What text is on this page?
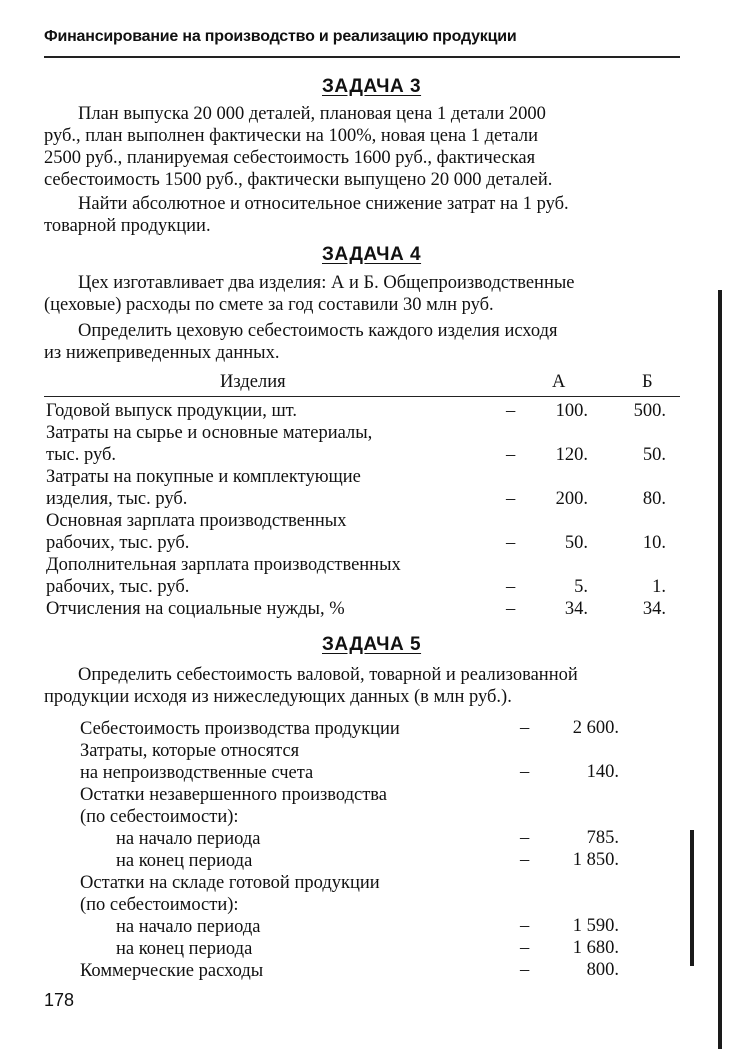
Финансирование на производство и реализацию продукции
ЗАДАЧА 3
План выпуска 20 000 деталей, плановая цена 1 детали 2000
руб., план выполнен фактически на 100%, новая цена 1 детали
2500 руб., планируемая себестоимость 1600 руб., фактическая
себестоимость 1500 руб., фактически выпущено 20 000 деталей.
Найти абсолютное и относительное снижение затрат на 1 руб.
товарной продукции.
ЗАДАЧА 4
Цех изготавливает два изделия: А и Б. Общепроизводственные
(цеховые) расходы по смете за год составили 30 млн руб.
Определить цеховую себестоимость каждого изделия исходя
из нижеприведенных данных.
Изделия	А	Б
Годовой выпуск продукции, шт.	– 100. 500.
Затраты на сырье и основные материалы,
тыс. руб.	– 120.	50.
Затраты на покупные и комплектующие
изделия, тыс. руб.	– 200.	80.
Основная зарплата производственных
рабочих, тыс. руб.	–	50.	10.
Дополнительная зарплата производственных
рабочих, тыс. руб.	–	5.	1.
Отчисления на социальные нужды, %	–	34.	34.
ЗАДАЧА 5
Определить себестоимость валовой, товарной и реализованной
продукции исходя из нижеследующих данных (в млн руб.).
Себестоимость производства продукции	– 2 600.
Затраты, которые относятся
на непроизводственные счета	–	140.
Остатки незавершенного производства
(по себестоимости):
на начало периода	–	785.
на конец периода	– 1 850.
Остатки на складе готовой продукции
(по себестоимости):
на начало периода	– 1 590.
на конец периода	– 1 680.
Коммерческие расходы	–	800.
178
